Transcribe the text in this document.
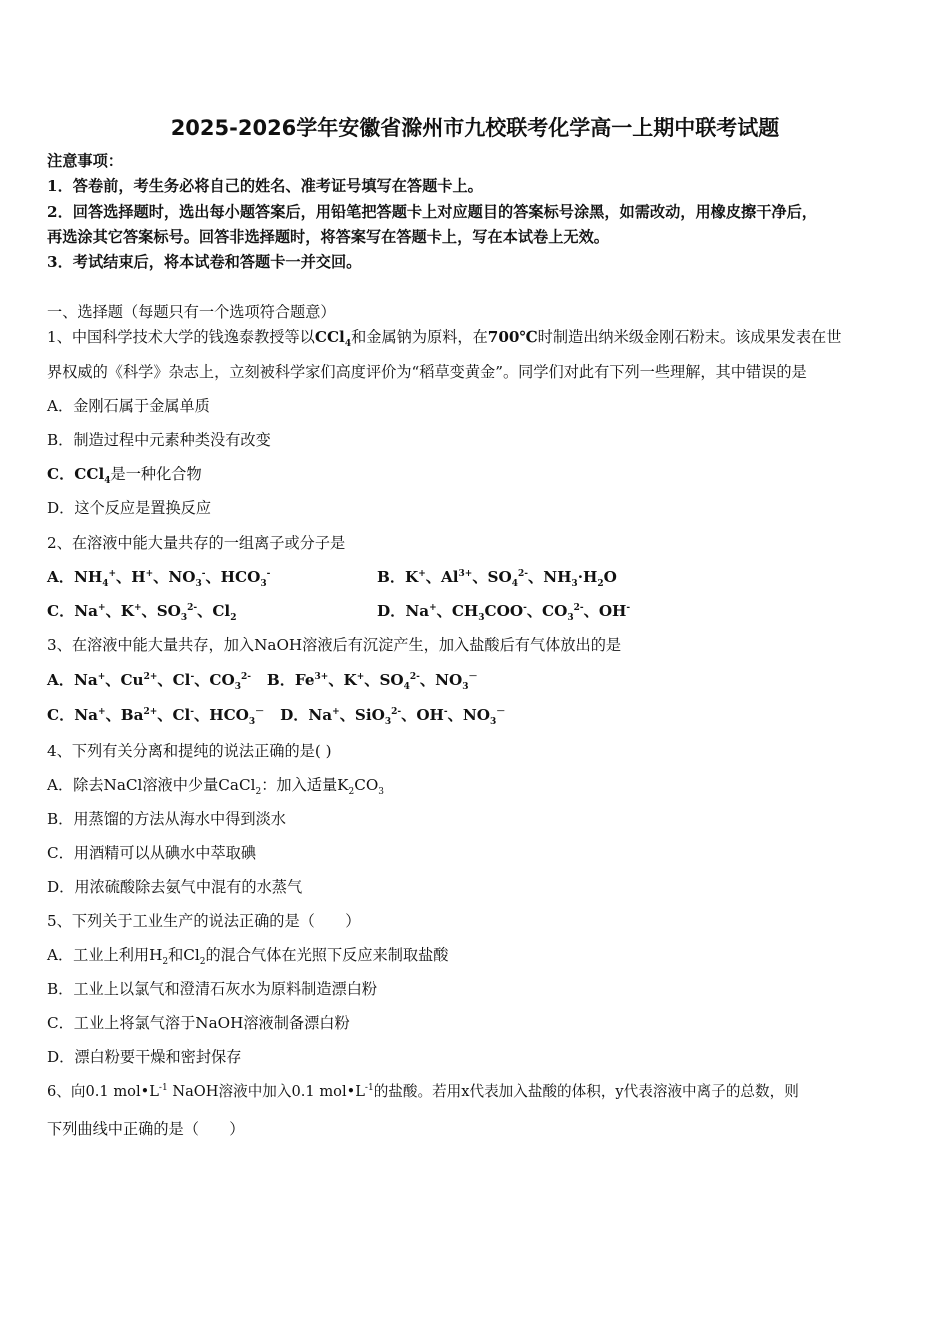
2025-2026学年安徽省滁州市九校联考化学高一上期中联考试题
注意事项：
1．答卷前，考生务必将自己的姓名、准考证号填写在答题卡上。
2．回答选择题时，选出每小题答案后，用铅笔把答题卡上对应题目的答案标号涂黑，如需改动，用橡皮擦干净后，
再选涂其它答案标号。回答非选择题时，将答案写在答题卡上，写在本试卷上无效。
3．考试结束后，将本试卷和答题卡一并交回。
一、选择题（每题只有一个选项符合题意）
1、中国科学技术大学的钱逸泰教授等以CCl$_4$和金属钠为原料，在700℃时制造出纳米级金刚石粉末。该成果发表在世
界权威的《科学》杂志上，立刻被科学家们高度评价为“稻草变黄金”。同学们对此有下列一些理解，其中错误的是
A．金刚石属于金属单质
B．制造过程中元素种类没有改变
C．CCl$_4$是一种化合物
D．这个反应是置换反应
2、在溶液中能大量共存的一组离子或分子是
A．$NH_4^+$、H+、$NO_3^-$、$HCO_3^-$	B．K+、$Al^{3+}$、$SO_4^{2-}$、$NH_3\cdot H_2O$
C．Na+、K+、$SO_3^{2-}$、$Cl_2$	D．Na+、$CH_3COO^-$、$CO_3^{2-}$、OH-
3、在溶液中能大量共存，加入NaOH溶液后有沉淀产生，加入盐酸后有气体放出的是
A．Na+、$Cu^{2+}$、Cl-、$CO_3^{2-}$ B．$Fe^{3+}$、K+、$SO_4^{2-}$、$NO_3^-$
C．Na+、$Ba^{2+}$、Cl-、$HCO_3^-$ D．Na+、SiO$_3^{2-}$、OH-、$NO_3^-$
4、下列有关分离和提纯的说法正确的是( )
A．除去NaCl溶液中少量CaCl$_2$：加入适量$K_2CO_3$
B．用蒸馏的方法从海水中得到淡水
C．用酒精可以从碘水中萃取碘
D．用浓硫酸除去氨气中混有的水蒸气
5、下列关于工业生产的说法正确的是（　　）
A．工业上利用$H_2$和$Cl_2$的混合气体在光照下反应来制取盐酸
B．工业上以氯气和澄清石灰水为原料制造漂白粉
C．工业上将氯气溶于NaOH溶液制备漂白粉
D．漂白粉要干燥和密封保存
6、向0.1 $mol•L^{-1}$ NaOH溶液中加入0.1 $mol•L^{-1}$的盐酸。若用x代表加入盐酸的体积，y代表溶液中离子的总数，则
下列曲线中正确的是（　　）
